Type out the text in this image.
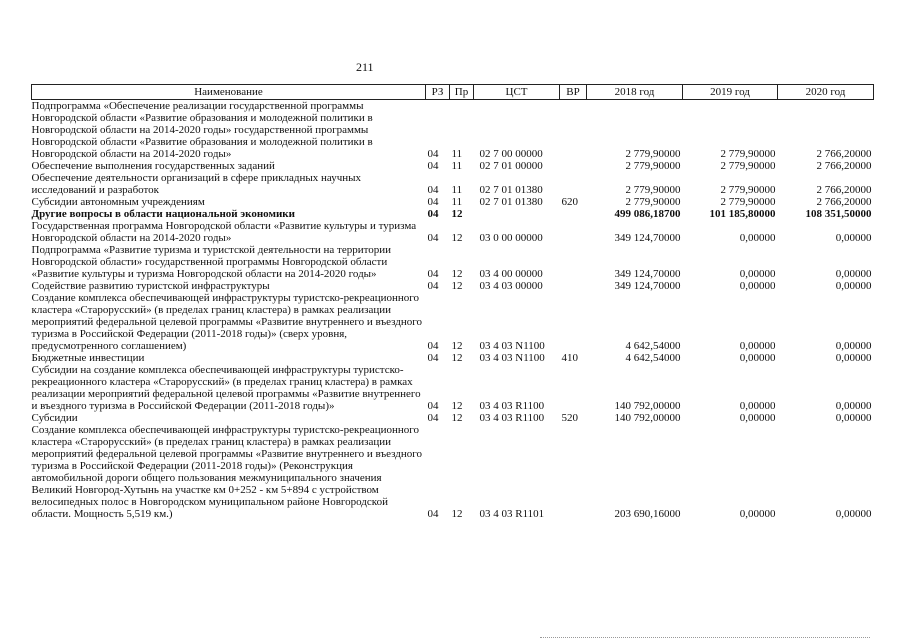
211
Наименование	РЗ	Пр	ЦСТ	ВР	2018 год	2019 год	2020 год
Подпрограмма «Обеспечение реализации государственной программы Новгородской области «Развитие образования и молодежной политики в Новгородской области на 2014-2020 годы» государственной программы Новгородской области «Развитие образования и молодежной политики в Новгородской области на 2014-2020 годы»	04	11	02 7 00 00000		2 779,90000	2 779,90000	2 766,20000
Обеспечение выполнения государственных заданий	04	11	02 7 01 00000		2 779,90000	2 779,90000	2 766,20000
Обеспечение деятельности организаций в сфере прикладных научных исследований и разработок	04	11	02 7 01 01380		2 779,90000	2 779,90000	2 766,20000
Субсидии автономным учреждениям	04	11	02 7 01 01380	620	2 779,90000	2 779,90000	2 766,20000
Другие вопросы в области национальной экономики	04	12			499 086,18700	101 185,80000	108 351,50000
Государственная программа Новгородской области «Развитие культуры и туризма Новгородской области на 2014-2020 годы»	04	12	03 0 00 00000		349 124,70000	0,00000	0,00000
Подпрограмма «Развитие туризма и туристской деятельности на территории Новгородской области» государственной программы Новгородской области «Развитие культуры и туризма Новгородской области на 2014-2020 годы»	04	12	03 4 00 00000		349 124,70000	0,00000	0,00000
Содействие развитию туристской инфраструктуры	04	12	03 4 03 00000		349 124,70000	0,00000	0,00000
Создание комплекса обеспечивающей инфраструктуры туристско-рекреационного кластера «Старорусский» (в пределах границ кластера) в рамках реализации мероприятий федеральной целевой программы «Развитие внутреннего и въездного туризма в Российской Федерации (2011-2018 годы)» (сверх уровня, предусмотренного соглашением)	04	12	03 4 03 N1100		4 642,54000	0,00000	0,00000
Бюджетные инвестиции	04	12	03 4 03 N1100	410	4 642,54000	0,00000	0,00000
Субсидии на создание комплекса обеспечивающей инфраструктуры туристско-рекреационного кластера «Старорусский» (в пределах границ кластера) в рамках реализации мероприятий федеральной целевой программы «Развитие внутреннего и въездного туризма в Российской Федерации (2011-2018 годы)»	04	12	03 4 03 R1100		140 792,00000	0,00000	0,00000
Субсидии	04	12	03 4 03 R1100	520	140 792,00000	0,00000	0,00000
Создание комплекса обеспечивающей инфраструктуры туристско-рекреационного кластера «Старорусский» (в пределах границ кластера) в рамках реализации мероприятий федеральной целевой программы «Развитие внутреннего и въездного туризма в Российской Федерации (2011-2018 годы)» (Реконструкция автомобильной дороги общего пользования межмуниципального значения Великий Новгород-Хутынь на участке км 0+252 - км 5+894 с устройством велосипедных полос в Новгородском муниципальном районе Новгородской области. Мощность 5,519 км.)	04	12	03 4 03 R1101		203 690,16000	0,00000	0,00000
